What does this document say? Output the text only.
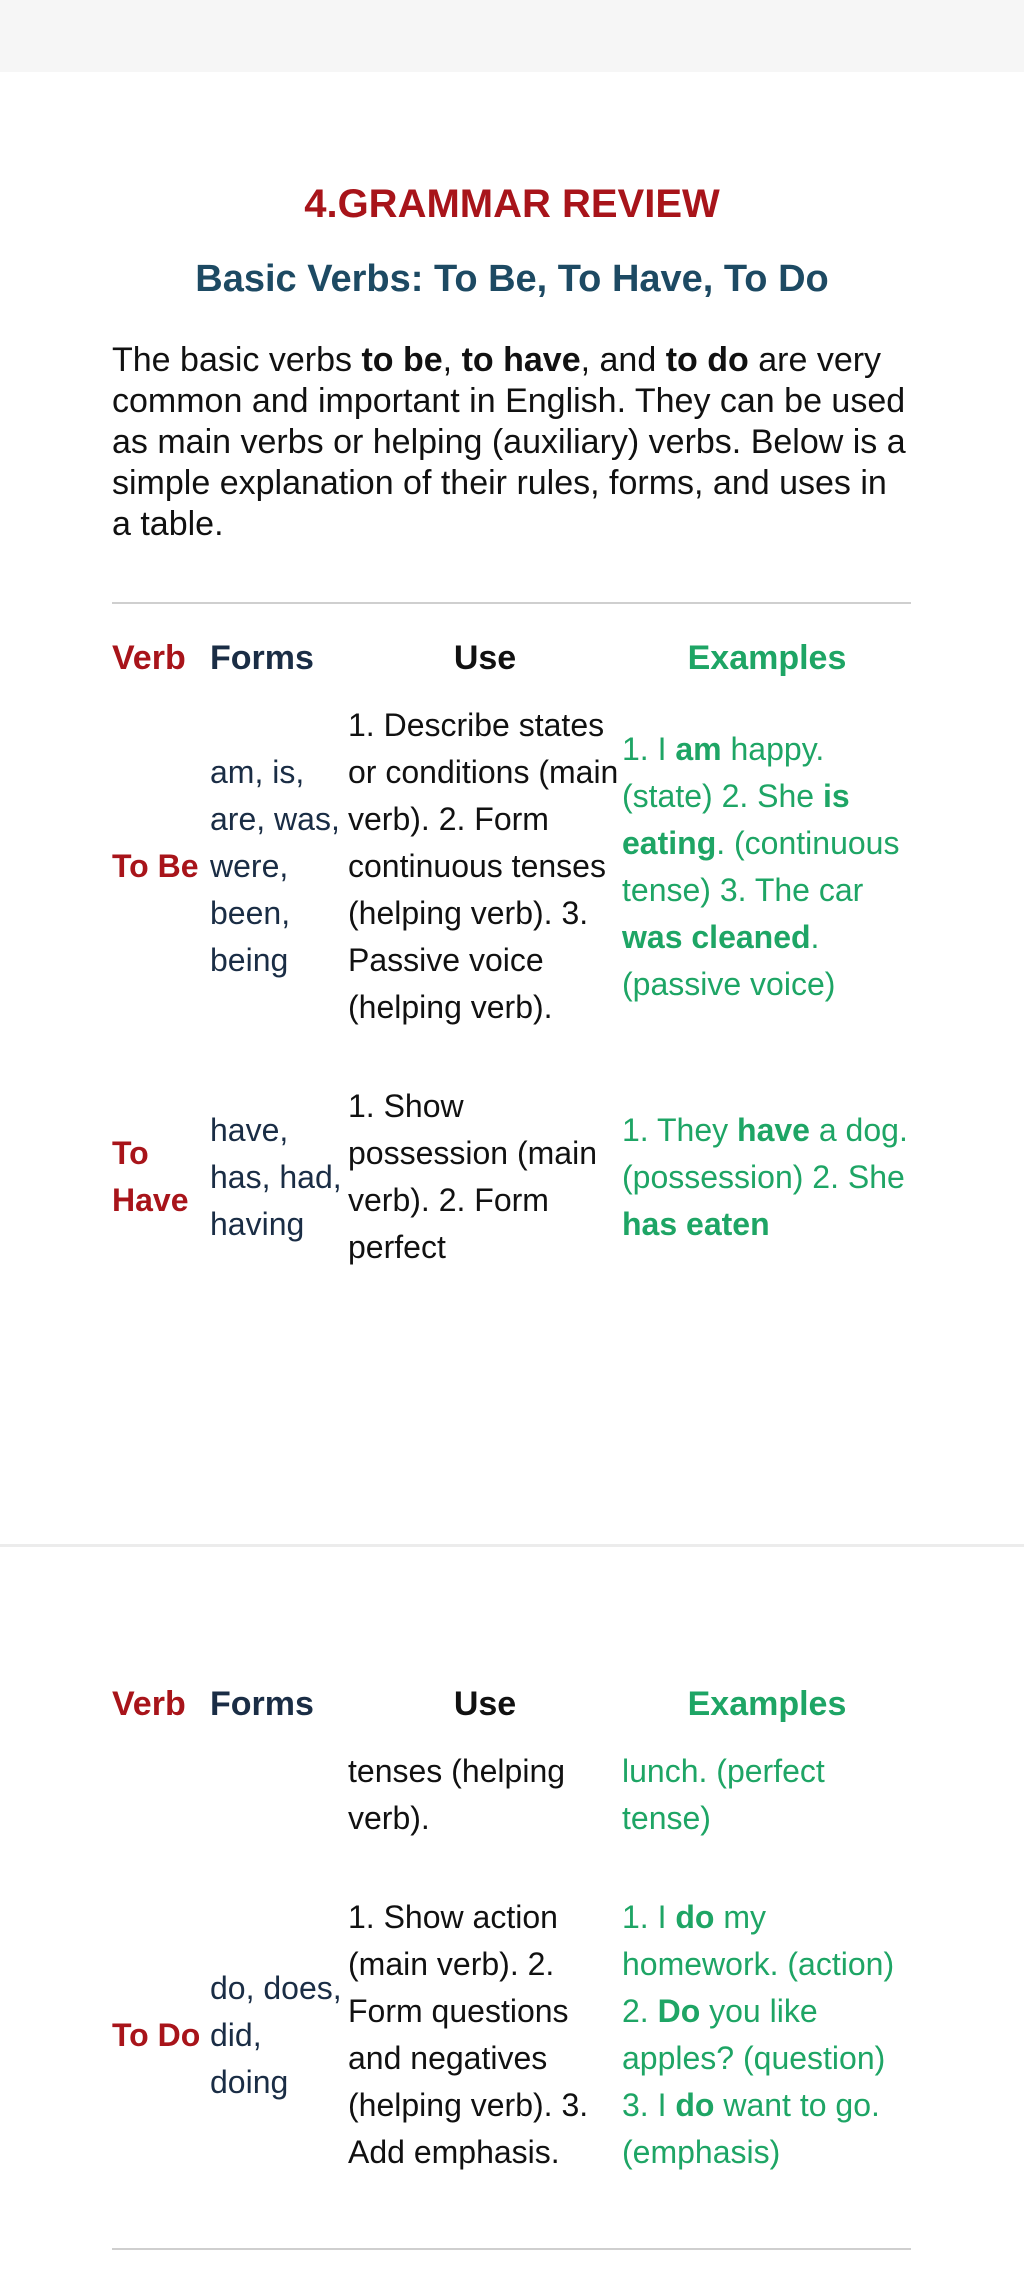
4.GRAMMAR REVIEW
Basic Verbs: To Be, To Have, To Do

The basic verbs to be, to have, and to do are very common and important in English. They can be used as main verbs or helping (auxiliary) verbs. Below is a simple explanation of their rules, forms, and uses in a table.

Verb	Forms	Use	Examples
To Be	am, is, are, was, were, been, being	1. Describe states or conditions (main verb). 2. Form continuous tenses (helping verb). 3. Passive voice (helping verb).	1. I am happy. (state) 2. She is eating. (continuous tense) 3. The car was cleaned. (passive voice)

To Have	have, has, had, having	1. Show possession (main verb). 2. Form perfect	1. They have a dog. (possession) 2. She has eaten
Verb	Forms	Use	Examples
		tenses (helping verb).	lunch. (perfect tense)

To Do	do, does, did, doing	1. Show action (main verb). 2. Form questions and negatives (helping verb). 3. Add emphasis.	1. I do my homework. (action) 2. Do you like apples? (question) 3. I do want to go. (emphasis)
